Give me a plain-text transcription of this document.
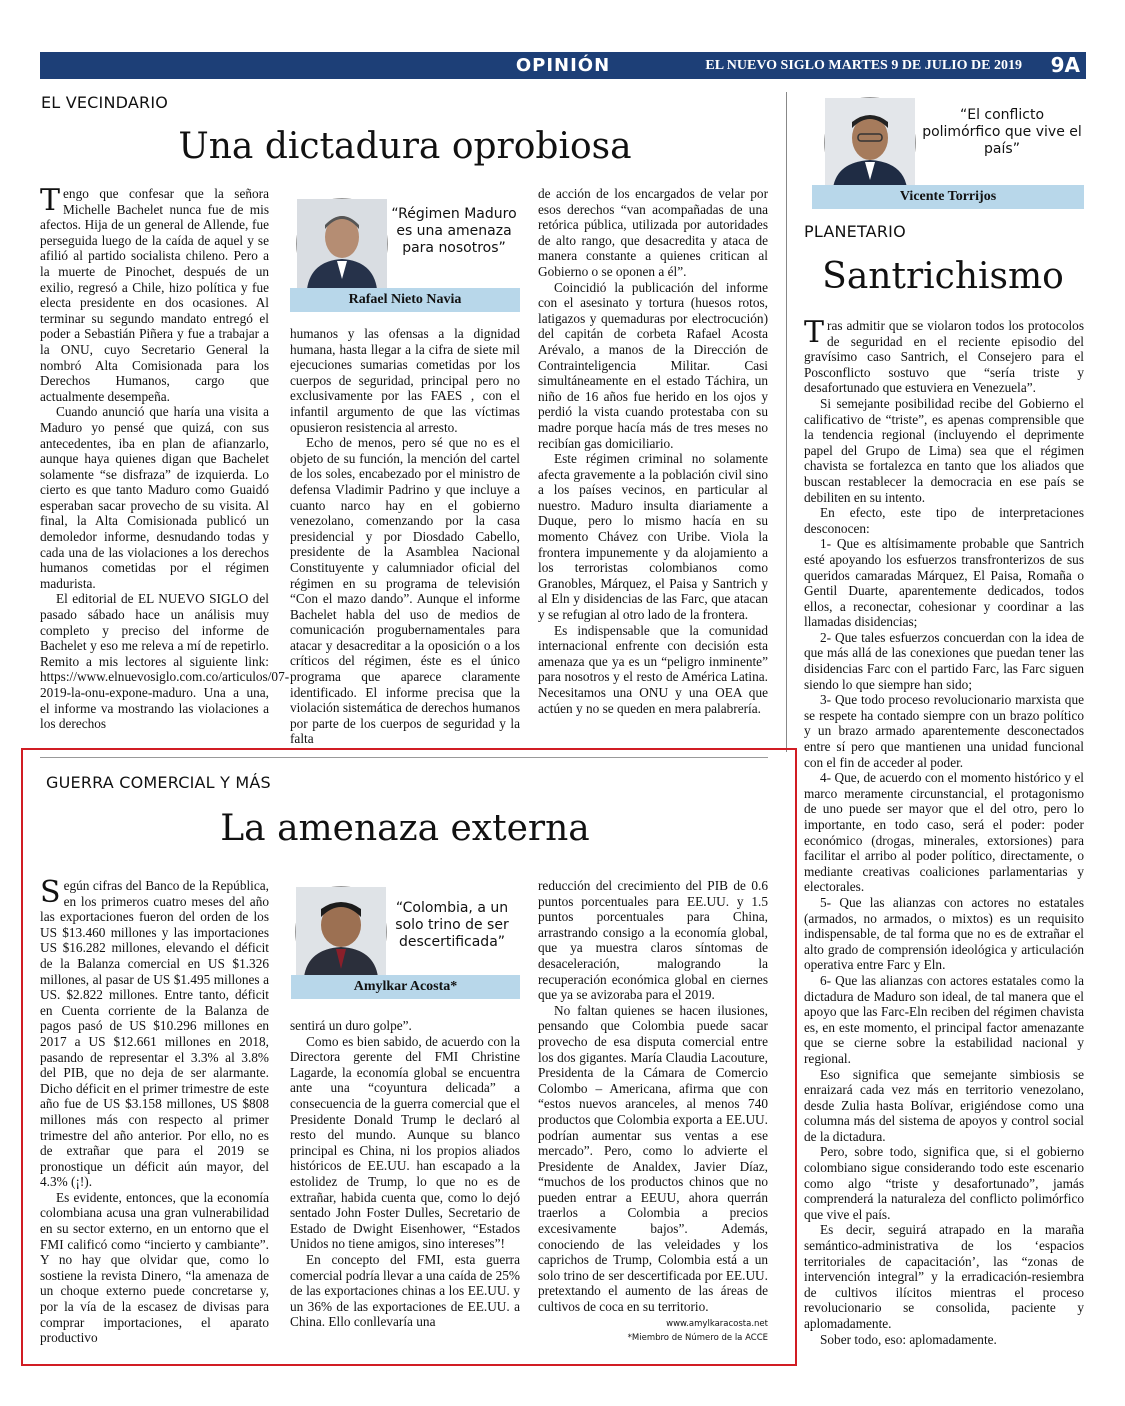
OPINIÓN	EL NUEVO SIGLO MARTES 9 DE JULIO DE 2019 9A
EL VECINDARIO
Una dictadura oprobiosa

Tengo que confesar que la señora Michelle Bachelet nunca fue de mis afectos. Hija de un general de Allende, fue perseguida luego de la caída de aquel y se afilió al partido socialista chileno. Pero a la muerte de Pinochet, después de un exilio, regresó a Chile, hizo política y fue electa presidente en dos ocasiones. Al terminar su segundo mandato entregó el poder a Sebastián Piñera y fue a trabajar a la ONU, cuyo Secretario General la nombró Alta Comisionada para los Derechos Humanos, cargo que actualmente desempeña.

Cuando anunció que haría una visita a Maduro yo pensé que quizá, con sus antecedentes, iba en plan de afianzarlo, aunque haya quienes digan que Bachelet solamente “se disfraza” de izquierda. Lo cierto es que tanto Maduro como Guaidó esperaban sacar provecho de su visita. Al final, la Alta Comisionada publicó un demoledor informe, desnudando todas y cada una de las violaciones a los derechos humanos cometidas por el régimen madurista.

El editorial de EL NUEVO SIGLO del pasado sábado hace un análisis muy completo y preciso del informe de Bachelet y eso me releva a mí de repetirlo. Remito a mis lectores al siguiente link: https://www.elnuevosiglo.com.co/articulos/07-2019-la-onu-expone-maduro. Una a una, el informe va mostrando las violaciones a los derechos

“Régimen Maduro es una amenaza para nosotros”
Rafael Nieto Navia

humanos y las ofensas a la dignidad humana, hasta llegar a la cifra de siete mil ejecuciones sumarias cometidas por los cuerpos de seguridad, principal pero no exclusivamente por las FAES , con el infantil argumento de que las víctimas opusieron resistencia al arresto.

Echo de menos, pero sé que no es el objeto de su función, la mención del cartel de los soles, encabezado por el ministro de defensa Vladimir Padrino y que incluye a cuanto narco hay en el gobierno venezolano, comenzando por la casa presidencial y por Diosdado Cabello, presidente de la Asamblea Nacional Constituyente y calumniador oficial del régimen en su programa de televisión “Con el mazo dando”. Aunque el informe Bachelet habla del uso de medios de comunicación progubernamentales para atacar y desacreditar a la oposición o a los críticos del régimen, éste es el único programa que aparece claramente identificado. El informe precisa que la violación sistemática de derechos humanos por parte de los cuerpos de seguridad y la falta

de acción de los encargados de velar por esos derechos “van acompañadas de una retórica pública, utilizada por autoridades de alto rango, que desacredita y ataca de manera constante a quienes critican al Gobierno o se oponen a él”.

Coincidió la publicación del informe con el asesinato y tortura (huesos rotos, latigazos y quemaduras por electrocución) del capitán de corbeta Rafael Acosta Arévalo, a manos de la Dirección de Contrainteligencia Militar. Casi simultáneamente en el estado Táchira, un niño de 16 años fue herido en los ojos y perdió la vista cuando protestaba con su madre porque hacía más de tres meses no recibían gas domiciliario.

Este régimen criminal no solamente afecta gravemente a la población civil sino a los países vecinos, en particular al nuestro. Maduro insulta diariamente a Duque, pero lo mismo hacía en su momento Chávez con Uribe. Viola la frontera impunemente y da alojamiento a los terroristas colombianos como Granobles, Márquez, el Paisa y Santrich y al Eln y disidencias de las Farc, que atacan y se refugian al otro lado de la frontera.

Es indispensable que la comunidad internacional enfrente con decisión esta amenaza que ya es un “peligro inminente” para nosotros y el resto de América Latina. Necesitamos una ONU y una OEA que actúen y no se queden en mera palabrería.

“El conflicto polimórfico que vive el país”
Vicente Torrijos
PLANETARIO
Santrichismo

Tras admitir que se violaron todos los protocolos de seguridad en el reciente episodio del gravísimo caso Santrich, el Consejero para el Posconflicto sostuvo que “sería triste y desafortunado que estuviera en Venezuela”.

Si semejante posibilidad recibe del Gobierno el calificativo de “triste”, es apenas comprensible que la tendencia regional (incluyendo el deprimente papel del Grupo de Lima) sea que el régimen chavista se fortalezca en tanto que los aliados que buscan restablecer la democracia en ese país se debiliten en su intento.

En efecto, este tipo de interpretaciones desconocen:

1- Que es altísimamente probable que Santrich esté apoyando los esfuerzos transfronterizos de sus queridos camaradas Márquez, El Paisa, Romaña o Gentil Duarte, aparentemente dedicados, todos ellos, a reconectar, cohesionar y coordinar a las llamadas disidencias;

2- Que tales esfuerzos concuerdan con la idea de que más allá de las conexiones que puedan tener las disidencias Farc con el partido Farc, las Farc siguen siendo lo que siempre han sido;

3- Que todo proceso revolucionario marxista que se respete ha contado siempre con un brazo político y un brazo armado aparentemente desconectados entre sí pero que mantienen una unidad funcional con el fin de acceder al poder.

4- Que, de acuerdo con el momento histórico y el marco meramente circunstancial, el protagonismo de uno puede ser mayor que el del otro, pero lo importante, en todo caso, será el poder: poder económico (drogas, minerales, extorsiones) para facilitar el arribo al poder político, directamente, o mediante creativas coaliciones parlamentarias y electorales.

5- Que las alianzas con actores no estatales (armados, no armados, o mixtos) es un requisito indispensable, de tal forma que no es de extrañar el alto grado de comprensión ideológica y articulación operativa entre Farc y Eln.

6- Que las alianzas con actores estatales como la dictadura de Maduro son ideal, de tal manera que el apoyo que las Farc-Eln reciben del régimen chavista es, en este momento, el principal factor amenazante que se cierne sobre la estabilidad nacional y regional.

Eso significa que semejante simbiosis se enraizará cada vez más en territorio venezolano, desde Zulia hasta Bolívar, erigiéndose como una columna más del sistema de apoyos y control social de la dictadura.

Pero, sobre todo, significa que, si el gobierno colombiano sigue considerando todo este escenario como algo “triste y desafortunado”, jamás comprenderá la naturaleza del conflicto polimórfico que vive el país.

Es decir, seguirá atrapado en la maraña semántico-administrativa de los ‘espacios territoriales de capacitación’, las “zonas de intervención integral” y la erradicación-resiembra de cultivos ilícitos mientras el proceso revolucionario se consolida, paciente y aplomadamente.

Sober todo, eso: aplomadamente.

GUERRA COMERCIAL Y MÁS
La amenaza externa

Según cifras del Banco de la República, en los primeros cuatro meses del año las exportaciones fueron del orden de los US $13.460 millones y las importaciones US $16.282 millones, elevando el déficit de la Balanza comercial en US $1.326 millones, al pasar de US $1.495 millones a US. $2.822 millones. Entre tanto, déficit en Cuenta corriente de la Balanza de pagos pasó de US $10.296 millones en 2017 a US $12.661 millones en 2018, pasando de representar el 3.3% al 3.8% del PIB, que no deja de ser alarmante. Dicho déficit en el primer trimestre de este año fue de US $3.158 millones, US $808 millones más con respecto al primer trimestre del año anterior. Por ello, no es de extrañar que para el 2019 se pronostique un déficit aún mayor, del 4.3% (¡!).

Es evidente, entonces, que la economía colombiana acusa una gran vulnerabilidad en su sector externo, en un entorno que el FMI calificó como “incierto y cambiante”. Y no hay que olvidar que, como lo sostiene la revista Dinero, “la amenaza de un choque externo puede concretarse y, por la vía de la escasez de divisas para comprar importaciones, el aparato productivo

“Colombia, a un solo trino de ser descertificada”
Amylkar Acosta*

sentirá un duro golpe”.

Como es bien sabido, de acuerdo con la Directora gerente del FMI Christine Lagarde, la economía global se encuentra ante una “coyuntura delicada” a consecuencia de la guerra comercial que el Presidente Donald Trump le declaró al resto del mundo. Aunque su blanco principal es China, ni los propios aliados históricos de EE.UU. han escapado a la estolidez de Trump, lo que no es de extrañar, habida cuenta que, como lo dejó sentado John Foster Dulles, Secretario de Estado de Dwight Eisenhower, “Estados Unidos no tiene amigos, sino intereses”!

En concepto del FMI, esta guerra comercial podría llevar a una caída de 25% de las exportaciones chinas a los EE.UU. y un 36% de las exportaciones de EE.UU. a China. Ello conllevaría una

reducción del crecimiento del PIB de 0.6 puntos porcentuales para EE.UU. y 1.5 puntos porcentuales para China, arrastrando consigo a la economía global, que ya muestra claros síntomas de desaceleración, malogrando la recuperación económica global en ciernes que ya se avizoraba para el 2019.

No faltan quienes se hacen ilusiones, pensando que Colombia puede sacar provecho de esa disputa comercial entre los dos gigantes. María Claudia Lacouture, Presidenta de la Cámara de Comercio Colombo – Americana, afirma que con “estos nuevos aranceles, al menos 740 productos que Colombia exporta a EE.UU. podrían aumentar sus ventas a ese mercado”. Pero, como lo advierte el Presidente de Analdex, Javier Díaz, “muchos de los productos chinos que no pueden entrar a EEUU, ahora querrán traerlos a Colombia a precios excesivamente bajos”. Además, conociendo de las veleidades y los caprichos de Trump, Colombia está a un solo trino de ser descertificada por EE.UU. pretextando el aumento de las áreas de cultivos de coca en su territorio.

www.amylkaracosta.net
*Miembro de Número de la ACCE
